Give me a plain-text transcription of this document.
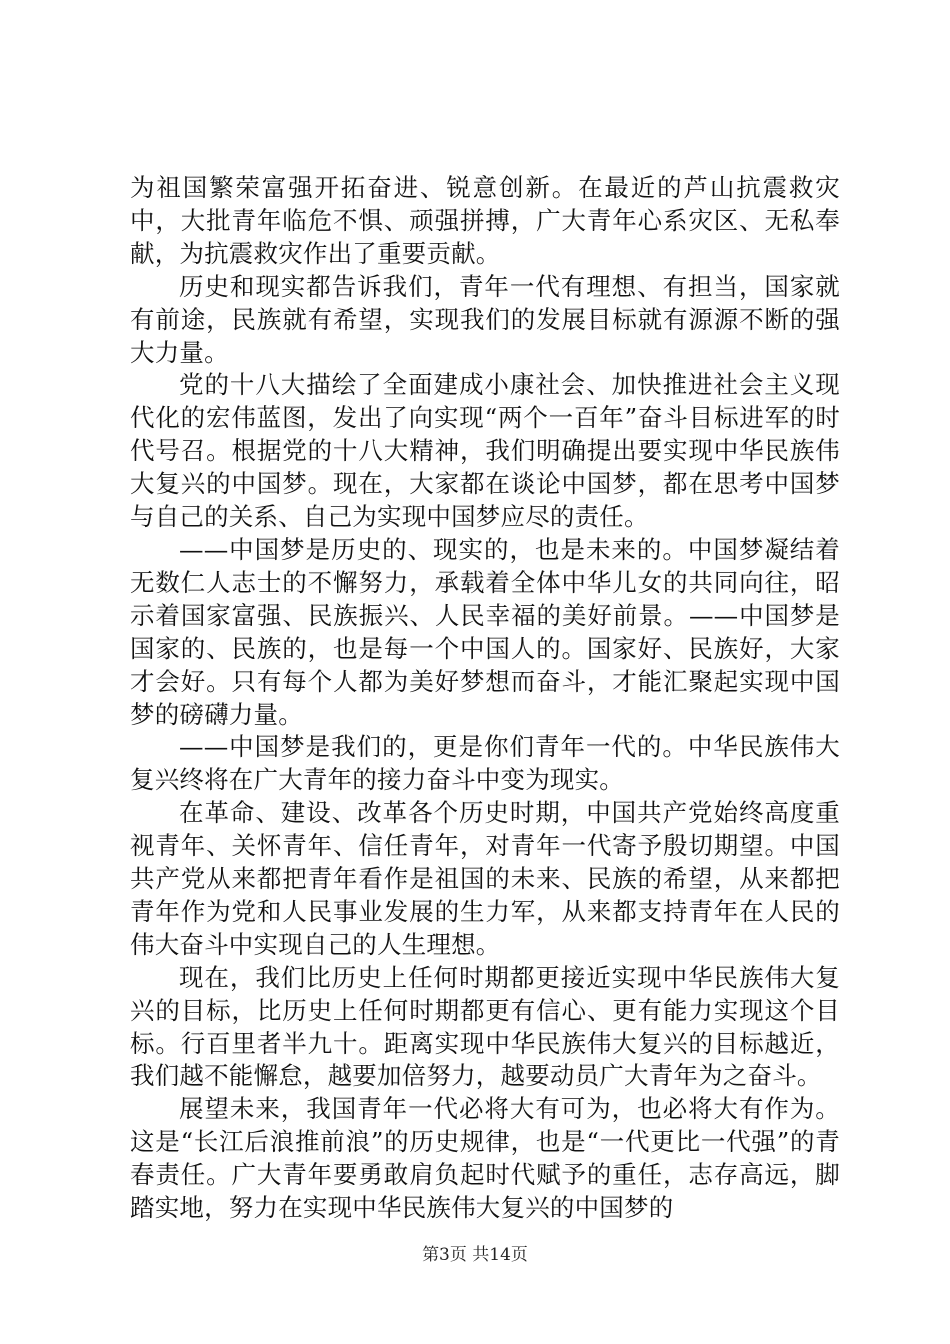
为祖国繁荣富强开拓奋进、锐意创新。在最近的芦山抗震救灾中，大批青年临危不惧、顽强拼搏，广大青年心系灾区、无私奉献，为抗震救灾作出了重要贡献。

历史和现实都告诉我们，青年一代有理想、有担当，国家就有前途，民族就有希望，实现我们的发展目标就有源源不断的强大力量。

党的十八大描绘了全面建成小康社会、加快推进社会主义现代化的宏伟蓝图，发出了向实现“两个一百年”奋斗目标进军的时代号召。根据党的十八大精神，我们明确提出要实现中华民族伟大复兴的中国梦。现在，大家都在谈论中国梦，都在思考中国梦与自己的关系、自己为实现中国梦应尽的责任。

——中国梦是历史的、现实的，也是未来的。中国梦凝结着无数仁人志士的不懈努力，承载着全体中华儿女的共同向往，昭示着国家富强、民族振兴、人民幸福的美好前景。——中国梦是国家的、民族的，也是每一个中国人的。国家好、民族好，大家才会好。只有每个人都为美好梦想而奋斗，才能汇聚起实现中国梦的磅礴力量。

——中国梦是我们的，更是你们青年一代的。中华民族伟大复兴终将在广大青年的接力奋斗中变为现实。

在革命、建设、改革各个历史时期，中国共产党始终高度重视青年、关怀青年、信任青年，对青年一代寄予殷切期望。中国共产党从来都把青年看作是祖国的未来、民族的希望，从来都把青年作为党和人民事业发展的生力军，从来都支持青年在人民的伟大奋斗中实现自己的人生理想。

现在，我们比历史上任何时期都更接近实现中华民族伟大复兴的目标，比历史上任何时期都更有信心、更有能力实现这个目标。行百里者半九十。距离实现中华民族伟大复兴的目标越近，我们越不能懈怠，越要加倍努力，越要动员广大青年为之奋斗。

展望未来，我国青年一代必将大有可为，也必将大有作为。这是“长江后浪推前浪”的历史规律，也是“一代更比一代强”的青春责任。广大青年要勇敢肩负起时代赋予的重任，志存高远，脚踏实地，努力在实现中华民族伟大复兴的中国梦的

第3页 共14页
